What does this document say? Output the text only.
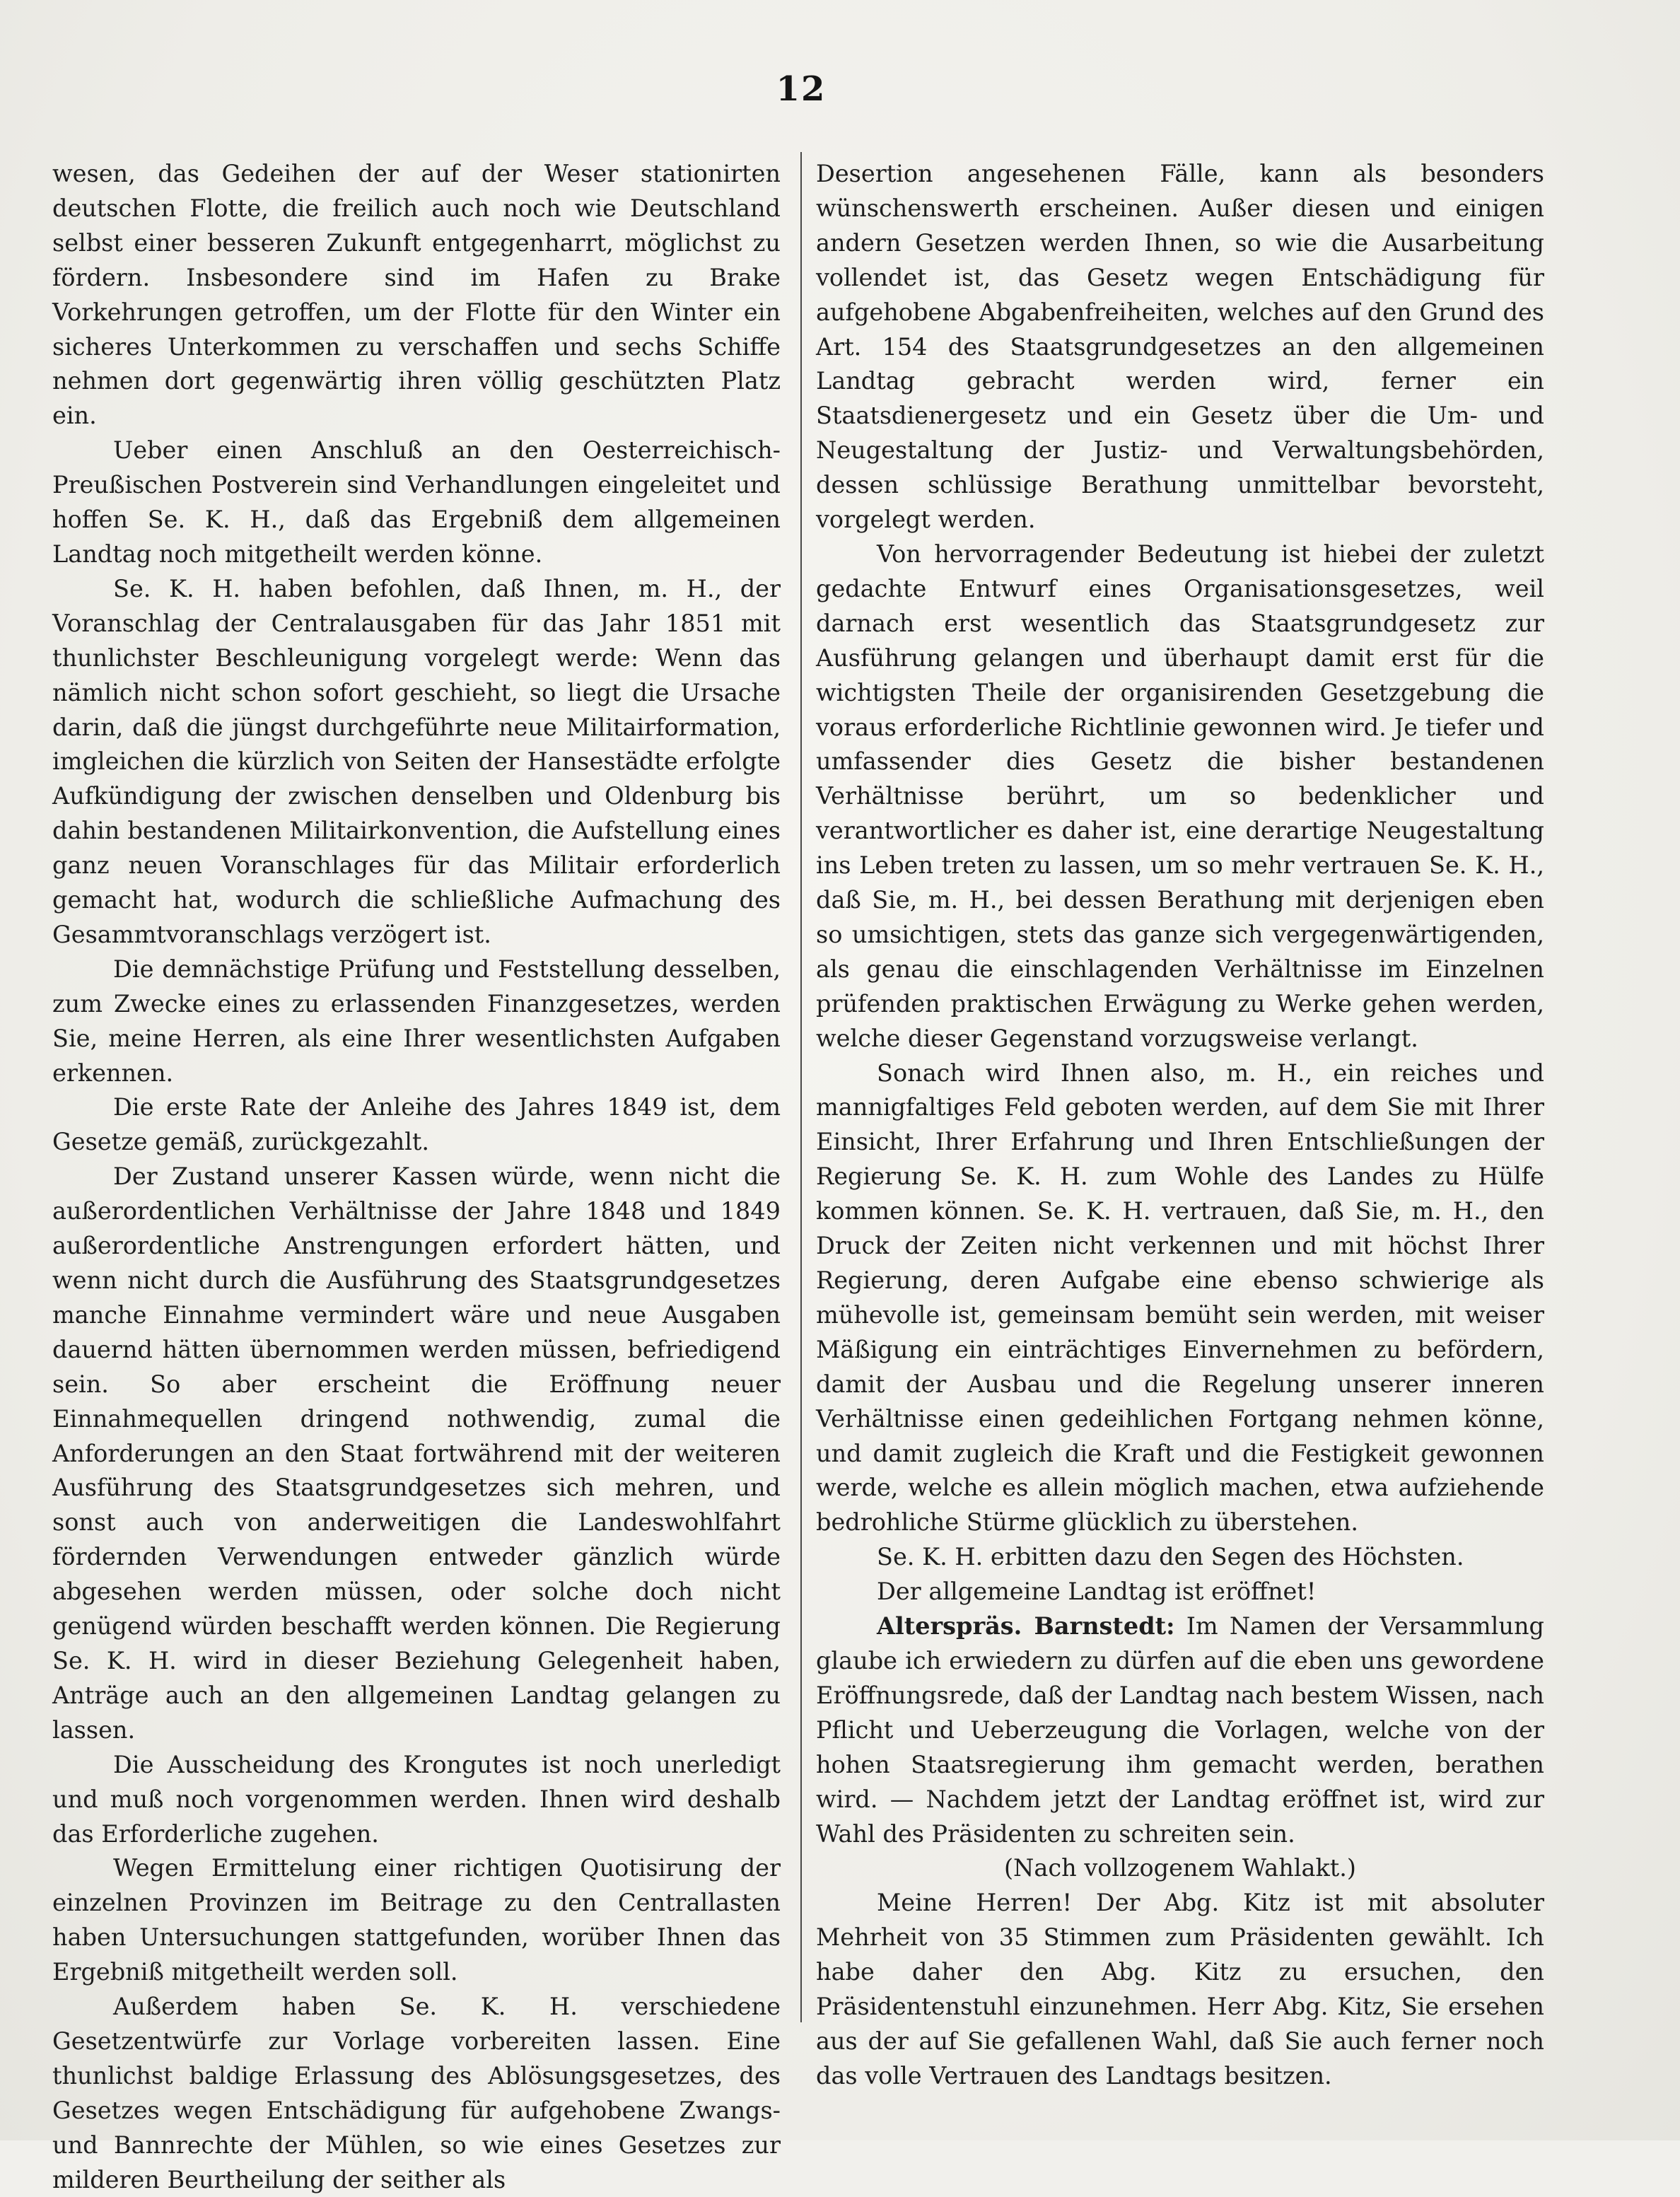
12

wesen, das Gedeihen der auf der Weser stationirten deutschen Flotte, die freilich auch noch wie Deutschland selbst einer besseren Zukunft entgegenharrt, möglichst zu fördern. Insbesondere sind im Hafen zu Brake Vorkehrungen getroffen, um der Flotte für den Winter ein sicheres Unterkommen zu verschaffen und sechs Schiffe nehmen dort gegenwärtig ihren völlig geschützten Platz ein.

Ueber einen Anschluß an den Oesterreichisch-Preußischen Postverein sind Verhandlungen eingeleitet und hoffen Se. K. H., daß das Ergebniß dem allgemeinen Landtag noch mitgetheilt werden könne.

Se. K. H. haben befohlen, daß Ihnen, m. H., der Voranschlag der Centralausgaben für das Jahr 1851 mit thunlichster Beschleunigung vorgelegt werde: Wenn das nämlich nicht schon sofort geschieht, so liegt die Ursache darin, daß die jüngst durchgeführte neue Militairformation, imgleichen die kürzlich von Seiten der Hansestädte erfolgte Aufkündigung der zwischen denselben und Oldenburg bis dahin bestandenen Militairkonvention, die Aufstellung eines ganz neuen Voranschlages für das Militair erforderlich gemacht hat, wodurch die schließliche Aufmachung des Gesammtvoranschlags verzögert ist.

Die demnächstige Prüfung und Feststellung desselben, zum Zwecke eines zu erlassenden Finanzgesetzes, werden Sie, meine Herren, als eine Ihrer wesentlichsten Aufgaben erkennen.

Die erste Rate der Anleihe des Jahres 1849 ist, dem Gesetze gemäß, zurückgezahlt.

Der Zustand unserer Kassen würde, wenn nicht die außerordentlichen Verhältnisse der Jahre 1848 und 1849 außerordentliche Anstrengungen erfordert hätten, und wenn nicht durch die Ausführung des Staatsgrundgesetzes manche Einnahme vermindert wäre und neue Ausgaben dauernd hätten übernommen werden müssen, befriedigend sein. So aber erscheint die Eröffnung neuer Einnahmequellen dringend nothwendig, zumal die Anforderungen an den Staat fortwährend mit der weiteren Ausführung des Staatsgrundgesetzes sich mehren, und sonst auch von anderweitigen die Landeswohlfahrt fördernden Verwendungen entweder gänzlich würde abgesehen werden müssen, oder solche doch nicht genügend würden beschafft werden können. Die Regierung Se. K. H. wird in dieser Beziehung Gelegenheit haben, Anträge auch an den allgemeinen Landtag gelangen zu lassen.

Die Ausscheidung des Krongutes ist noch unerledigt und muß noch vorgenommen werden. Ihnen wird deshalb das Erforderliche zugehen.

Wegen Ermittelung einer richtigen Quotisirung der einzelnen Provinzen im Beitrage zu den Centrallasten haben Untersuchungen stattgefunden, worüber Ihnen das Ergebniß mitgetheilt werden soll.

Außerdem haben Se. K. H. verschiedene Gesetzentwürfe zur Vorlage vorbereiten lassen. Eine thunlichst baldige Erlassung des Ablösungsgesetzes, des Gesetzes wegen Entschädigung für aufgehobene Zwangs- und Bannrechte der Mühlen, so wie eines Gesetzes zur milderen Beurtheilung der seither als

Desertion angesehenen Fälle, kann als besonders wünschenswerth erscheinen. Außer diesen und einigen andern Gesetzen werden Ihnen, so wie die Ausarbeitung vollendet ist, das Gesetz wegen Entschädigung für aufgehobene Abgabenfreiheiten, welches auf den Grund des Art. 154 des Staatsgrundgesetzes an den allgemeinen Landtag gebracht werden wird, ferner ein Staatsdienergesetz und ein Gesetz über die Um- und Neugestaltung der Justiz- und Verwaltungsbehörden, dessen schlüssige Berathung unmittelbar bevorsteht, vorgelegt werden.

Von hervorragender Bedeutung ist hiebei der zuletzt gedachte Entwurf eines Organisationsgesetzes, weil darnach erst wesentlich das Staatsgrundgesetz zur Ausführung gelangen und überhaupt damit erst für die wichtigsten Theile der organisirenden Gesetzgebung die voraus erforderliche Richtlinie gewonnen wird. Je tiefer und umfassender dies Gesetz die bisher bestandenen Verhältnisse berührt, um so bedenklicher und verantwortlicher es daher ist, eine derartige Neugestaltung ins Leben treten zu lassen, um so mehr vertrauen Se. K. H., daß Sie, m. H., bei dessen Berathung mit derjenigen eben so umsichtigen, stets das ganze sich vergegenwärtigenden, als genau die einschlagenden Verhältnisse im Einzelnen prüfenden praktischen Erwägung zu Werke gehen werden, welche dieser Gegenstand vorzugsweise verlangt.

Sonach wird Ihnen also, m. H., ein reiches und mannigfaltiges Feld geboten werden, auf dem Sie mit Ihrer Einsicht, Ihrer Erfahrung und Ihren Entschließungen der Regierung Se. K. H. zum Wohle des Landes zu Hülfe kommen können. Se. K. H. vertrauen, daß Sie, m. H., den Druck der Zeiten nicht verkennen und mit höchst Ihrer Regierung, deren Aufgabe eine ebenso schwierige als mühevolle ist, gemeinsam bemüht sein werden, mit weiser Mäßigung ein einträchtiges Einvernehmen zu befördern, damit der Ausbau und die Regelung unserer inneren Verhältnisse einen gedeihlichen Fortgang nehmen könne, und damit zugleich die Kraft und die Festigkeit gewonnen werde, welche es allein möglich machen, etwa aufziehende bedrohliche Stürme glücklich zu überstehen.

Se. K. H. erbitten dazu den Segen des Höchsten.

Der allgemeine Landtag ist eröffnet!

Alterspräs. Barnstedt: Im Namen der Versammlung glaube ich erwiedern zu dürfen auf die eben uns gewordene Eröffnungsrede, daß der Landtag nach bestem Wissen, nach Pflicht und Ueberzeugung die Vorlagen, welche von der hohen Staatsregierung ihm gemacht werden, berathen wird. — Nachdem jetzt der Landtag eröffnet ist, wird zur Wahl des Präsidenten zu schreiten sein.

(Nach vollzogenem Wahlakt.)

Meine Herren! Der Abg. Kitz ist mit absoluter Mehrheit von 35 Stimmen zum Präsidenten gewählt. Ich habe daher den Abg. Kitz zu ersuchen, den Präsidentenstuhl einzunehmen. Herr Abg. Kitz, Sie ersehen aus der auf Sie gefallenen Wahl, daß Sie auch ferner noch das volle Vertrauen des Landtags besitzen.
